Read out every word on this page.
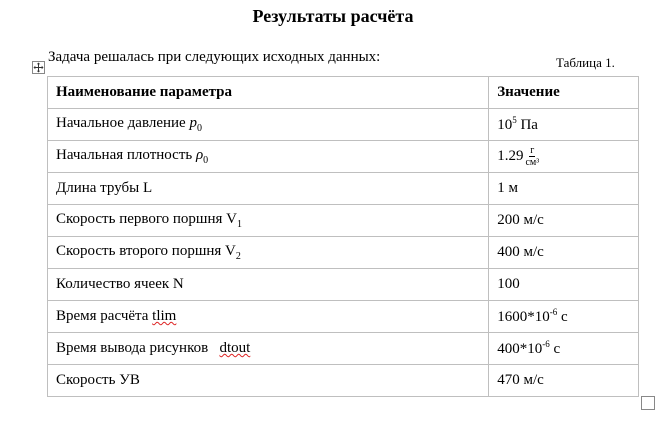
Результаты расчёта
Задача решалась при следующих исходных данных:	Таблица 1.
Наименование параметра	Значение
Начальное давление $p_0$	$10^5$ Па
Начальная плотность $\rho_0$	$1.29 \frac{г}{\text{см³}}$

Длина трубы L	1 м
Скорость первого поршня $V_1$	200 м/с
Скорость второго поршня $V_2$	400 м/с
Количество ячеек N	100
Время расчёта tlim	$1600*10^{-6}$ с
Время вывода рисунков   dtout	$400*10^{-6}$ с
Скорость УВ	470 м/с
